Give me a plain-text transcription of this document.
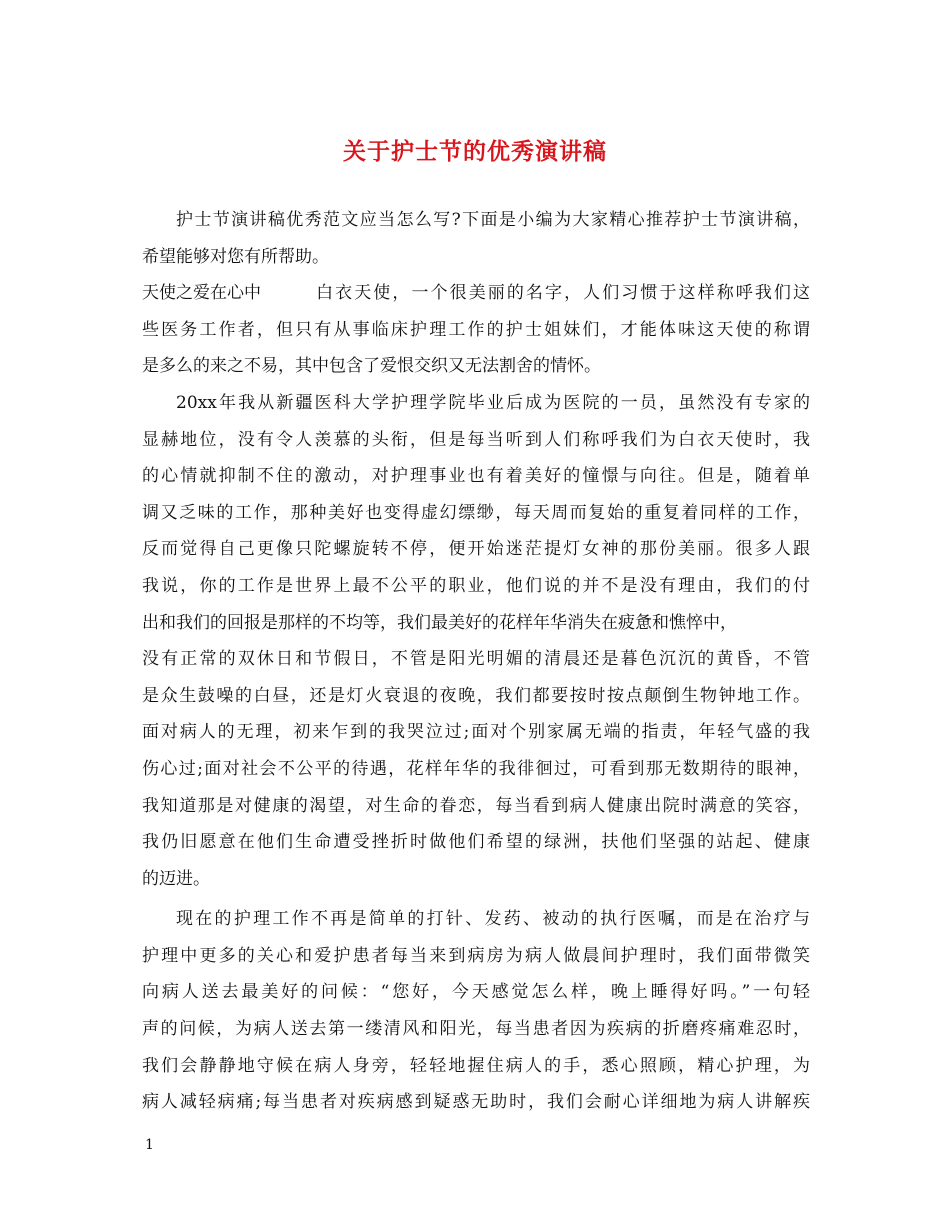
关于护士节的优秀演讲稿
护士节演讲稿优秀范文应当怎么写?下面是小编为大家精心推荐护士节演讲稿，
希望能够对您有所帮助。
天使之爱在心中	白衣天使，一个很美丽的名字，人们习惯于这样称呼我们这
些医务工作者，但只有从事临床护理工作的护士姐妹们，才能体味这天使的称谓
是多么的来之不易，其中包含了爱恨交织又无法割舍的情怀。
20xx年我从新疆医科大学护理学院毕业后成为医院的一员，虽然没有专家的
显赫地位，没有令人羡慕的头衔，但是每当听到人们称呼我们为白衣天使时，我
的心情就抑制不住的激动，对护理事业也有着美好的憧憬与向往。但是，随着单
调又乏味的工作，那种美好也变得虚幻缥缈，每天周而复始的重复着同样的工作，
反而觉得自己更像只陀螺旋转不停，便开始迷茫提灯女神的那份美丽。很多人跟
我说，你的工作是世界上最不公平的职业，他们说的并不是没有理由，我们的付
出和我们的回报是那样的不均等，我们最美好的花样年华消失在疲惫和憔悴中，
没有正常的双休日和节假日，不管是阳光明媚的清晨还是暮色沉沉的黄昏，不管
是众生鼓噪的白昼，还是灯火衰退的夜晚，我们都要按时按点颠倒生物钟地工作。
面对病人的无理，初来乍到的我哭泣过;面对个别家属无端的指责，年轻气盛的我
伤心过;面对社会不公平的待遇，花样年华的我徘徊过，可看到那无数期待的眼神，
我知道那是对健康的渴望，对生命的眷恋，每当看到病人健康出院时满意的笑容，
我仍旧愿意在他们生命遭受挫折时做他们希望的绿洲，扶他们坚强的站起、健康
的迈进。
现在的护理工作不再是简单的打针、发药、被动的执行医嘱，而是在治疗与
护理中更多的关心和爱护患者每当来到病房为病人做晨间护理时，我们面带微笑
向病人送去最美好的问候：“您好，今天感觉怎么样，晚上睡得好吗。”一句轻
声的问候，为病人送去第一缕清风和阳光，每当患者因为疾病的折磨疼痛难忍时，
我们会静静地守候在病人身旁，轻轻地握住病人的手，悉心照顾，精心护理，为
病人减轻病痛;每当患者对疾病感到疑惑无助时，我们会耐心详细地为病人讲解疾
1
